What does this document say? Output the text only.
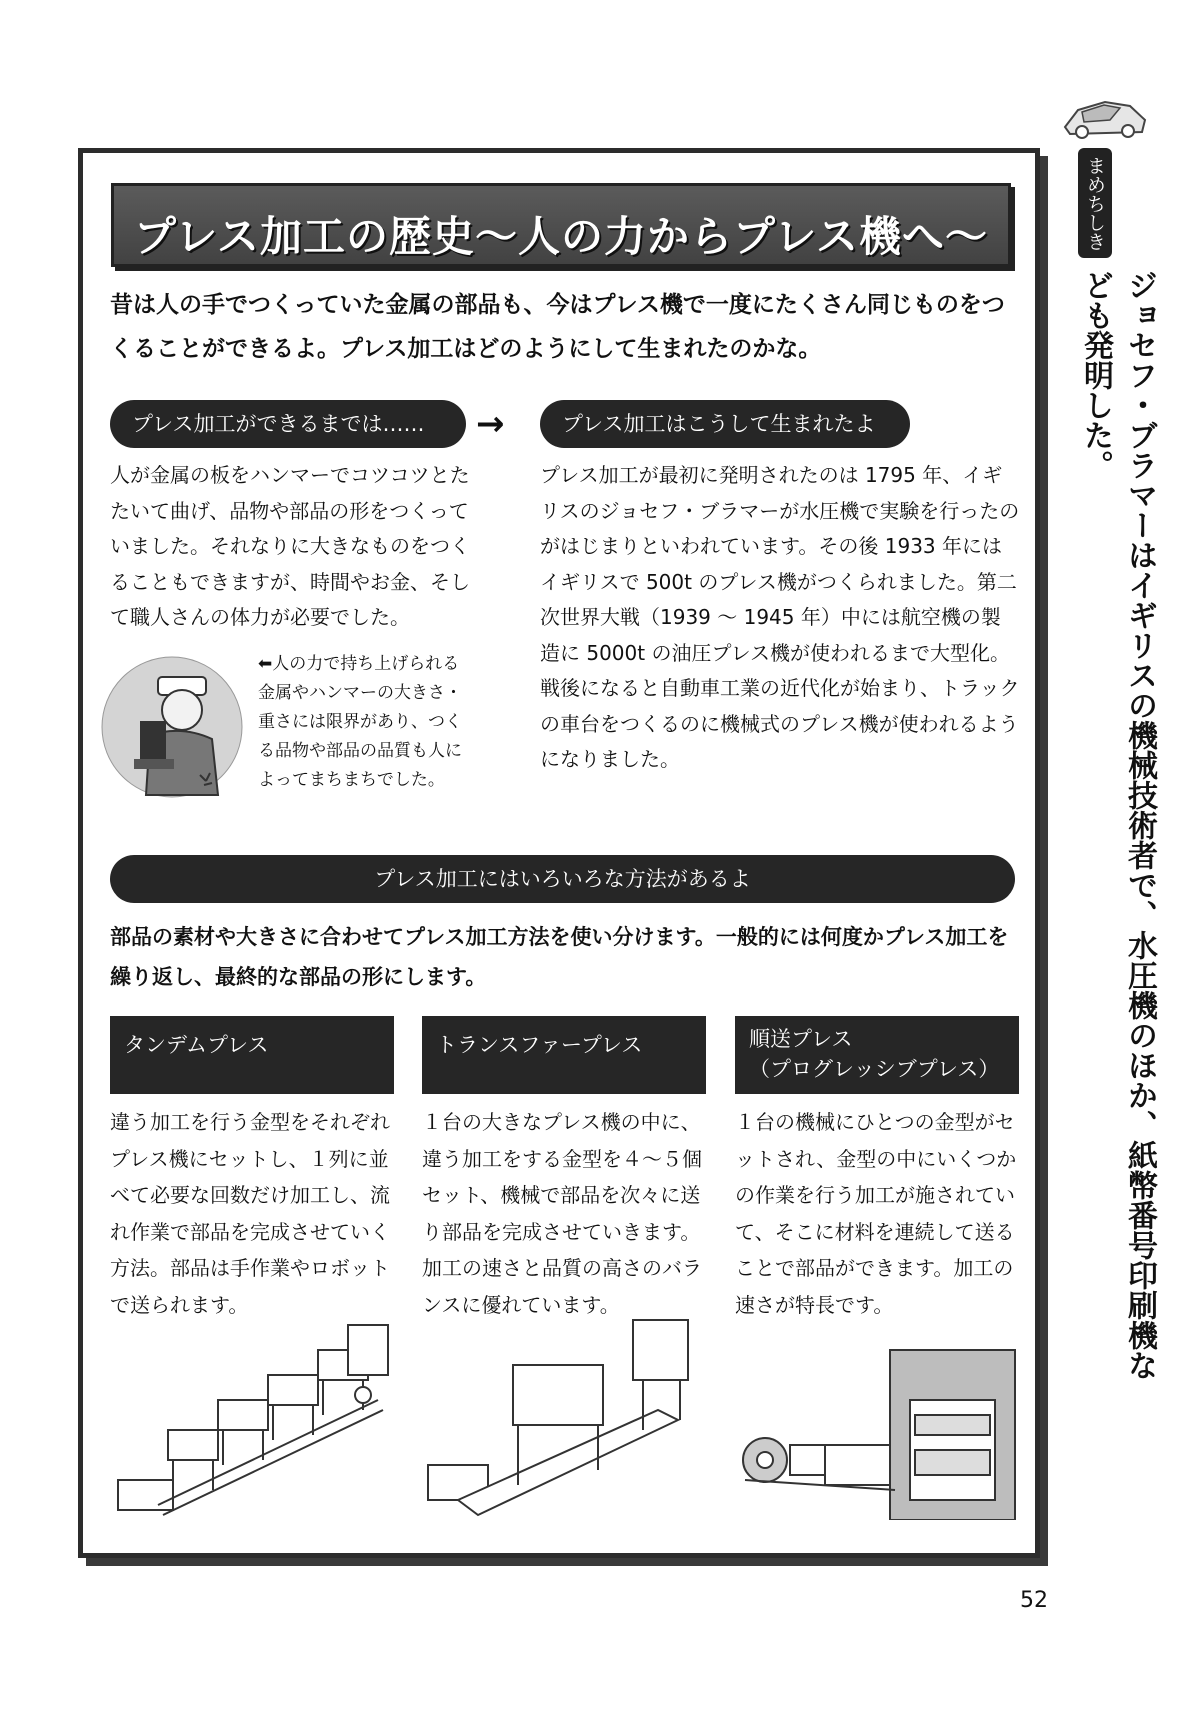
まめちしき
ジョセフ・ブラマーはイギリスの機械技術者で、水圧機のほか、紙幣番号印刷機なども発明した。
プレス加工の歴史〜人の力からプレス機へ〜
昔は人の手でつくっていた金属の部品も、今はプレス機で一度にたくさん同じものをつくることができるよ。プレス加工はどのようにして生まれたのかな。
プレス加工ができるまでは……	→	プレス加工はこうして生まれたよ
人が金属の板をハンマーでコツコツとたたいて曲げ、品物や部品の形をつくっていました。それなりに大きなものをつくることもできますが、時間やお金、そして職人さんの体力が必要でした。
⬅人の力で持ち上げられる金属やハンマーの大きさ・重さには限界があり、つくる品物や部品の品質も人によってまちまちでした。
プレス加工が最初に発明されたのは 1795 年、イギリスのジョセフ・ブラマーが水圧機で実験を行ったのがはじまりといわれています。その後 1933 年にはイギリスで 500t のプレス機がつくられました。第二次世界大戦（1939 〜 1945 年）中には航空機の製造に 5000t の油圧プレス機が使われるまで大型化。戦後になると自動車工業の近代化が始まり、トラックの車台をつくるのに機械式のプレス機が使われるようになりました。
プレス加工にはいろいろな方法があるよ
部品の素材や大きさに合わせてプレス加工方法を使い分けます。一般的には何度かプレス加工を繰り返し、最終的な部品の形にします。
タンデムプレス	トランスファープレス	順送プレス
（プログレッシブプレス）
違う加工を行う金型をそれぞれプレス機にセットし、１列に並べて必要な回数だけ加工し、流れ作業で部品を完成させていく方法。部品は手作業やロボットで送られます。
１台の大きなプレス機の中に、違う加工をする金型を４〜５個セット、機械で部品を次々に送り部品を完成させていきます。加工の速さと品質の高さのバランスに優れています。
１台の機械にひとつの金型がセットされ、金型の中にいくつかの作業を行う加工が施されていて、そこに材料を連続して送ることで部品ができます。加工の速さが特長です。
52
